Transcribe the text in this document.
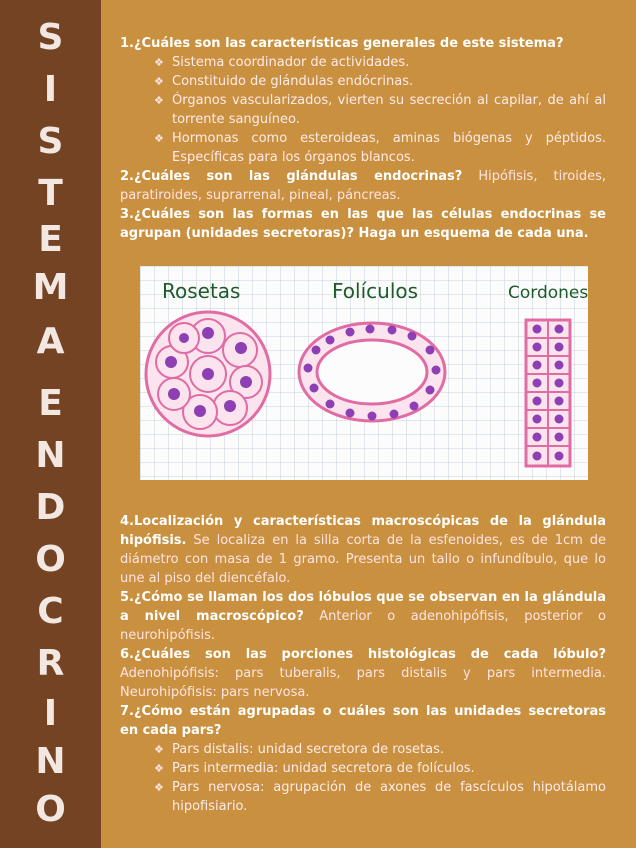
S
I
S
T
E
M
A
E
N
D
O
C
R
I
N
O

1.¿Cuáles son las características generales de este sistema?

❖ Sistema coordinador de actividades.
❖ Constituido de glándulas endócrinas.
❖ Órganos vascularizados, vierten su secreción al capilar, de ahí al torrente sanguíneo.
❖ Hormonas como esteroideas, aminas biógenas y péptidos. Específicas para los órganos blancos.

2.¿Cuáles son las glándulas endocrinas? Hipófisis, tiroides, paratiroides, suprarrenal, pineal, páncreas.

3.¿Cuáles son las formas en las que las células endocrinas se agrupan (unidades secretoras)? Haga un esquema de cada una.

Rosetas	Folículos	Cordones

4.Localización y características macroscópicas de la glándula hipófisis. Se localiza en la silla corta de la esfenoides, es de 1cm de diámetro con masa de 1 gramo. Presenta un tallo o infundíbulo, que lo une al piso del diencéfalo.

5.¿Cómo se llaman los dos lóbulos que se observan en la glándula a nivel macroscópico? Anterior o adenohipófisis, posterior o neurohipófisis.

6.¿Cuáles son las porciones histológicas de cada lóbulo? Adenohipófisis: pars tuberalis, pars distalis y pars intermedia. Neurohipófisis: pars nervosa.

7.¿Cómo están agrupadas o cuáles son las unidades secretoras en cada pars?

❖ Pars distalis: unidad secretora de rosetas.
❖ Pars intermedia: unidad secretora de folículos.
❖ Pars nervosa: agrupación de axones de fascículos hipotálamo hipofisiario.
